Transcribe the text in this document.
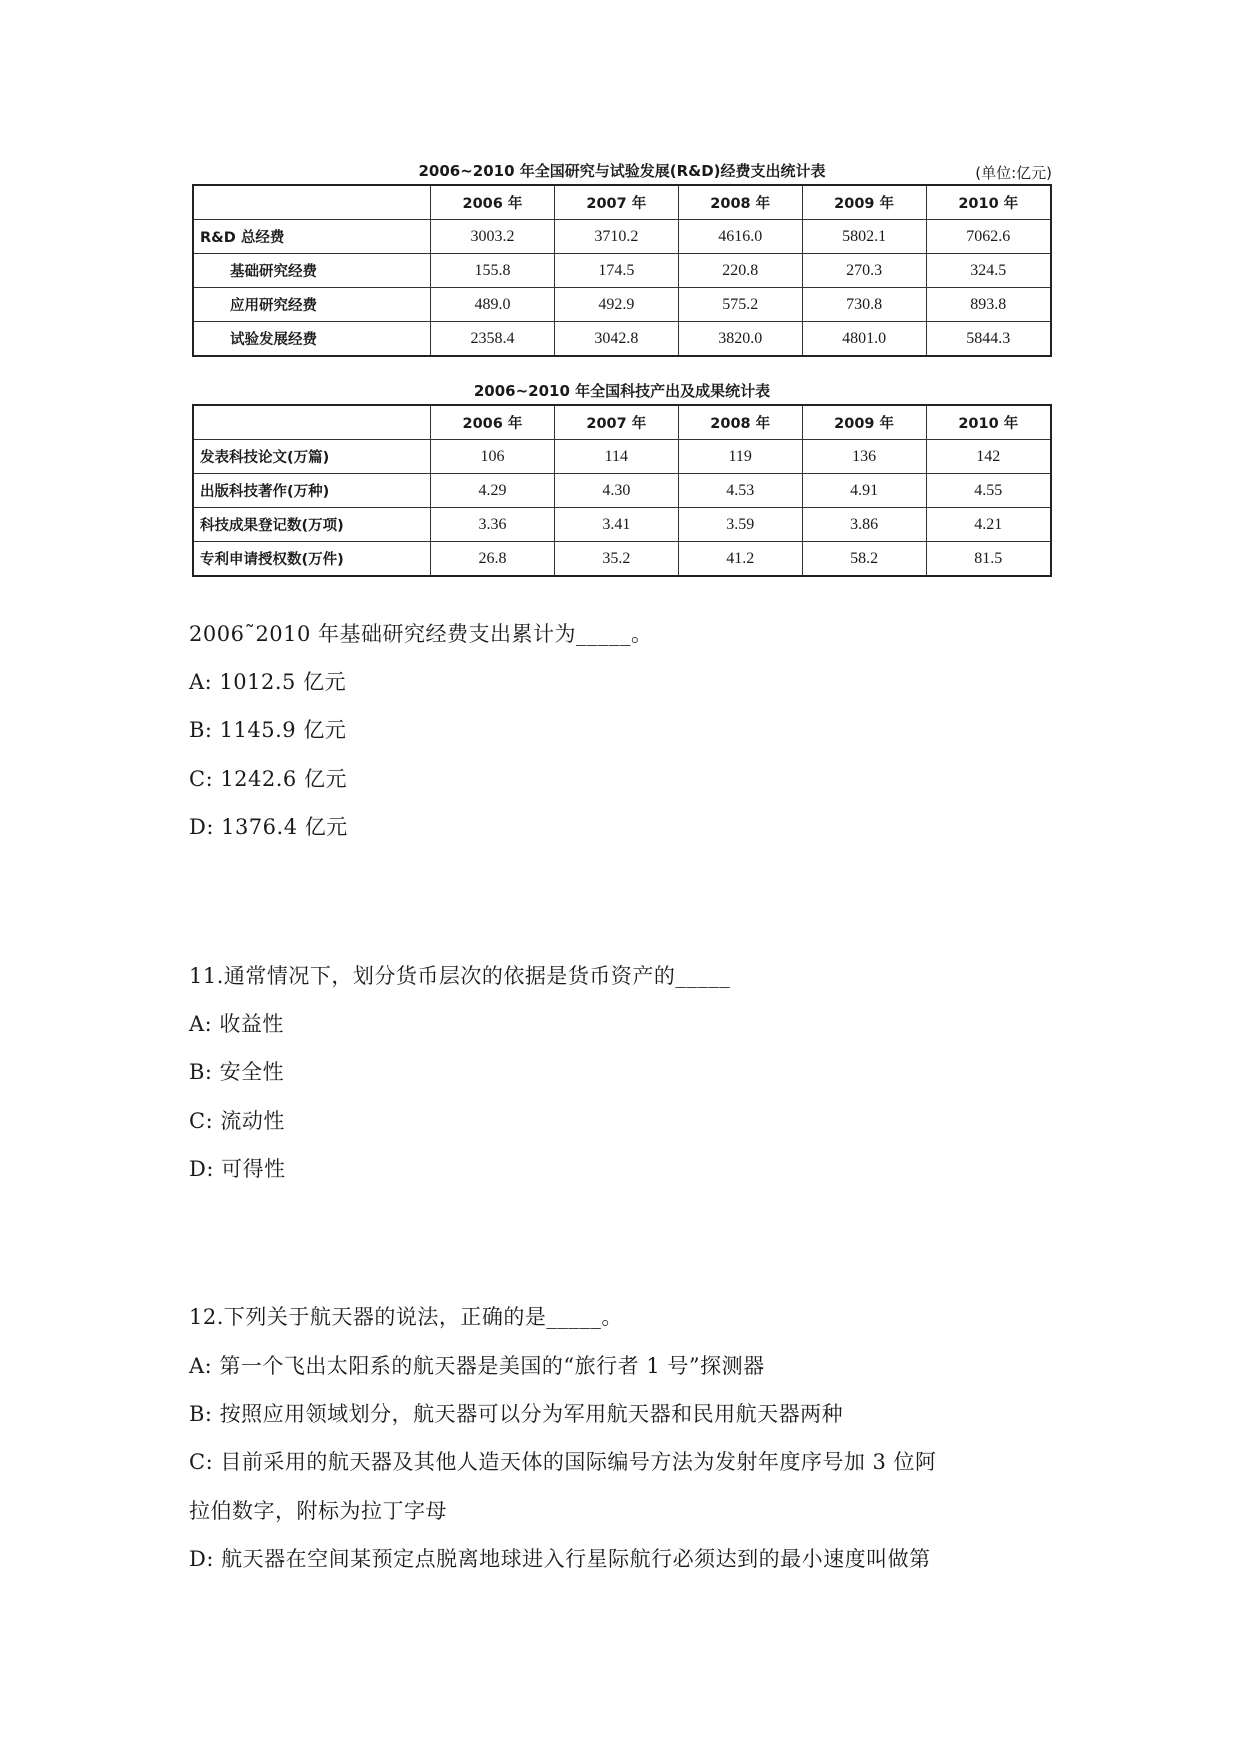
2006~2010 年全国研究与试验发展(R&D)经费支出统计表	(单位:亿元)
	2006 年	2007 年	2008 年	2009 年	2010 年
R&D 总经费	3003.2	3710.2	4616.0	5802.1	7062.6
基础研究经费	155.8	174.5	220.8	270.3	324.5
应用研究经费	489.0	492.9	575.2	730.8	893.8
试验发展经费	2358.4	3042.8	3820.0	4801.0	5844.3
2006~2010 年全国科技产出及成果统计表
	2006 年	2007 年	2008 年	2009 年	2010 年
发表科技论文(万篇)	106	114	119	136	142
出版科技著作(万种)	4.29	4.30	4.53	4.91	4.55
科技成果登记数(万项)	3.36	3.41	3.59	3.86	4.21
专利申请授权数(万件)	26.8	35.2	41.2	58.2	81.5
2006˜2010 年基础研究经费支出累计为_____。
A: 1012.5 亿元
B: 1145.9 亿元
C: 1242.6 亿元
D: 1376.4 亿元
11.通常情况下，划分货币层次的依据是货币资产的_____
A: 收益性
B: 安全性
C: 流动性
D: 可得性
12.下列关于航天器的说法，正确的是_____。
A: 第一个飞出太阳系的航天器是美国的“旅行者 1 号”探测器
B: 按照应用领域划分，航天器可以分为军用航天器和民用航天器两种
C: 目前采用的航天器及其他人造天体的国际编号方法为发射年度序号加 3 位阿
拉伯数字，附标为拉丁字母
D: 航天器在空间某预定点脱离地球进入行星际航行必须达到的最小速度叫做第
